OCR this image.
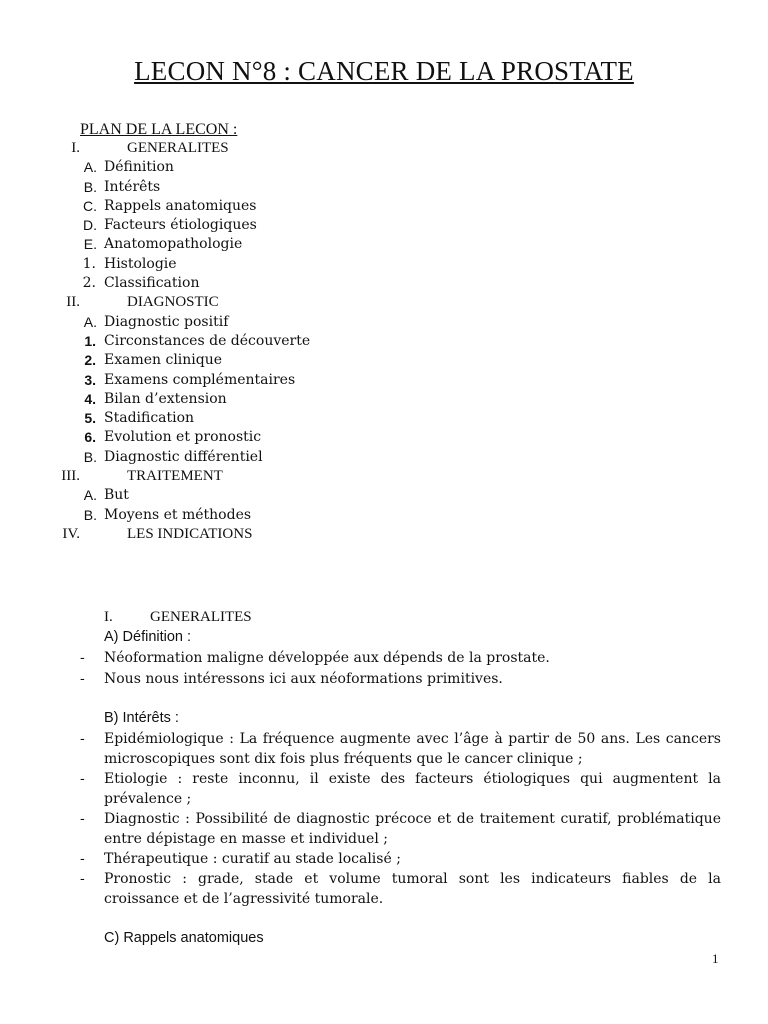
LECON N°8 : CANCER DE LA PROSTATE
PLAN DE LA LECON :
I.	GENERALITES
A. Définition
B. Intérêts
C. Rappels anatomiques
D. Facteurs étiologiques
E. Anatomopathologie
1. Histologie
2. Classification
II.	DIAGNOSTIC
A. Diagnostic positif
1. Circonstances de découverte
2. Examen clinique
3. Examens complémentaires
4. Bilan d’extension
5. Stadification
6. Evolution et pronostic
B. Diagnostic différentiel
III.	TRAITEMENT
A. But
B. Moyens et méthodes
IV.	LES INDICATIONS
I. GENERALITES
A) Définition :
- Néoformation maligne développée aux dépends de la prostate.
- Nous nous intéressons ici aux néoformations primitives.
B) Intérêts :
- Epidémiologique : La fréquence augmente avec l’âge à partir de 50 ans. Les cancers microscopiques sont dix fois plus fréquents que le cancer clinique ;
- Etiologie : reste inconnu, il existe des facteurs étiologiques qui augmentent la prévalence ;
- Diagnostic : Possibilité de diagnostic précoce et de traitement curatif, problématique entre dépistage en masse et individuel ;
- Thérapeutique : curatif au stade localisé ;
- Pronostic : grade, stade et volume tumoral sont les indicateurs fiables de la croissance et de l’agressivité tumorale.
C) Rappels anatomiques
1
